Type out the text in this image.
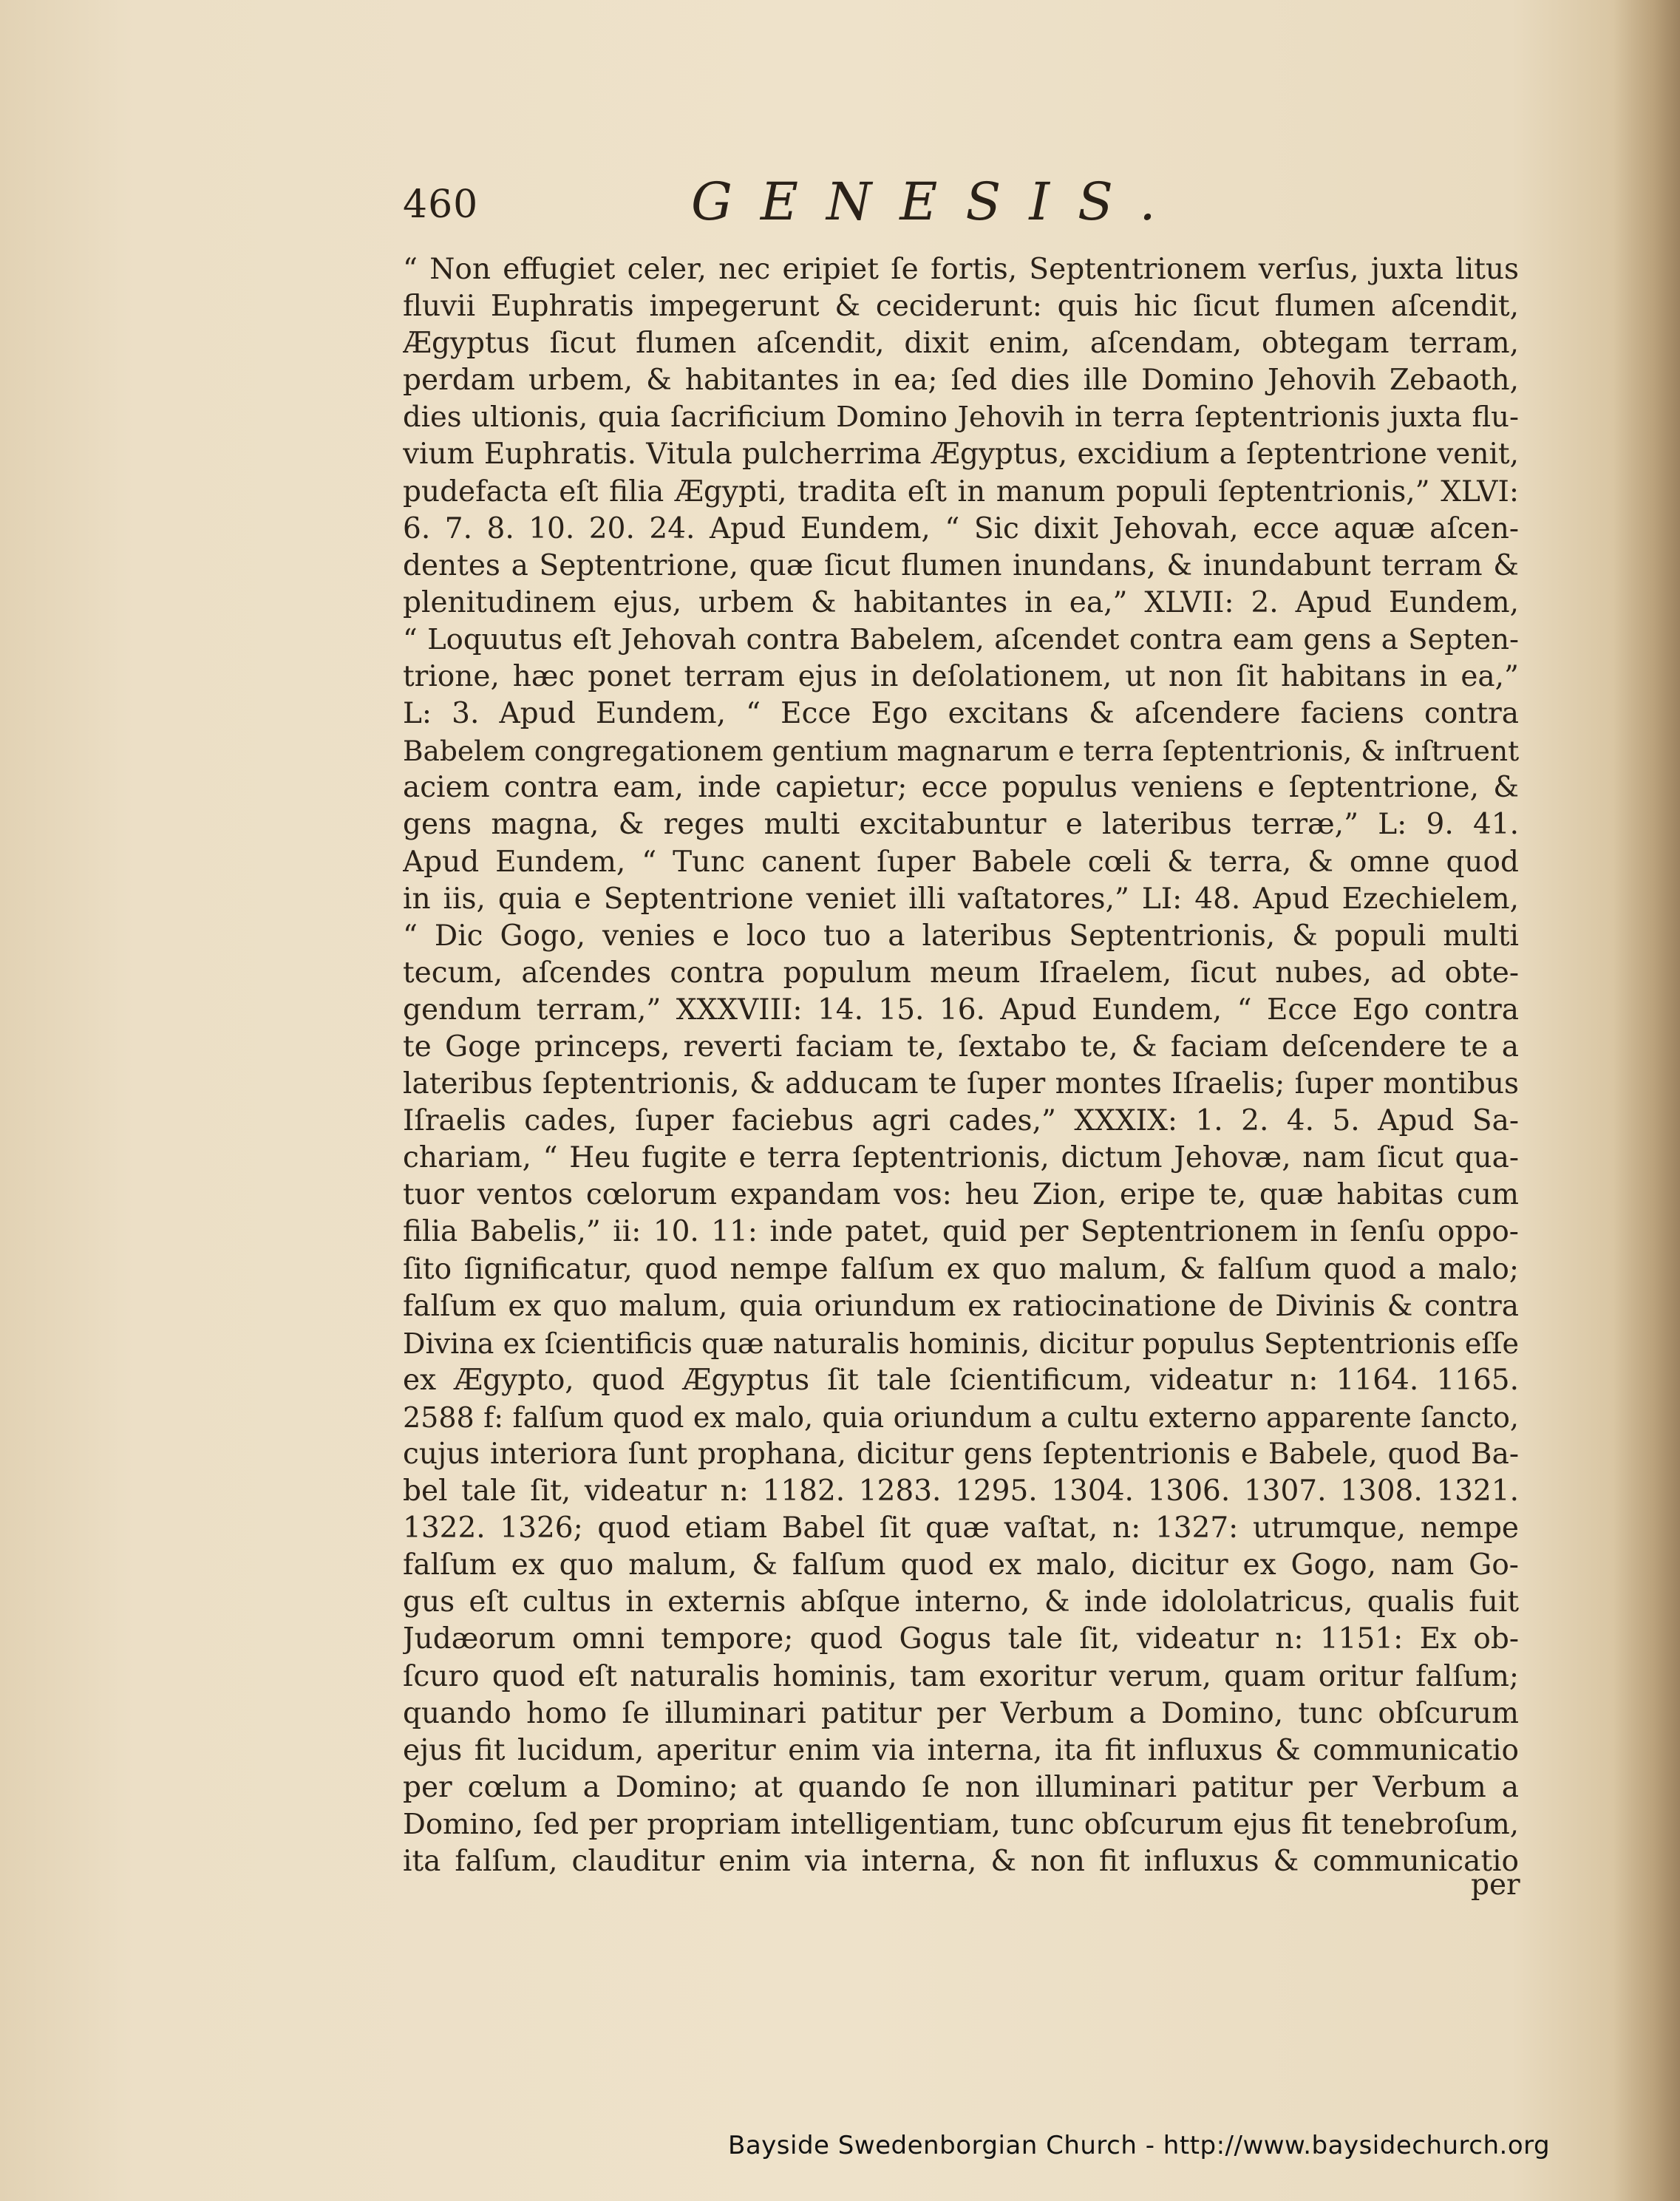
460	GENESIS.
“ Non effugiet celer, nec eripiet ſe fortis, Septentrionem verſus, juxta litus
fluvii Euphratis impegerunt & ceciderunt: quis hic ſicut flumen aſcendit,
Ægyptus ſicut flumen aſcendit, dixit enim, aſcendam, obtegam terram,
perdam urbem, & habitantes in ea; ſed dies ille Domino Jehovih Zebaoth,
dies ultionis, quia ſacrificium Domino Jehovih in terra ſeptentrionis juxta flu-
vium Euphratis. Vitula pulcherrima Ægyptus, excidium a ſeptentrione venit,
pudefacta eſt filia Ægypti, tradita eſt in manum populi ſeptentrionis,” XLVI:
6. 7. 8. 10. 20. 24. Apud Eundem, “ Sic dixit Jehovah, ecce aquæ aſcen-
dentes a Septentrione, quæ ſicut flumen inundans, & inundabunt terram &
plenitudinem ejus, urbem & habitantes in ea,” XLVII: 2. Apud Eundem,
“ Loquutus eſt Jehovah contra Babelem, aſcendet contra eam gens a Septen-
trione, hæc ponet terram ejus in deſolationem, ut non ſit habitans in ea,”
L: 3. Apud Eundem, “ Ecce Ego excitans & aſcendere faciens contra
Babelem congregationem gentium magnarum e terra ſeptentrionis, & inſtruent
aciem contra eam, inde capietur; ecce populus veniens e ſeptentrione, &
gens magna, & reges multi excitabuntur e lateribus terræ,” L: 9. 41.
Apud Eundem, “ Tunc canent ſuper Babele cœli & terra, & omne quod
in iis, quia e Septentrione veniet illi vaſtatores,” LI: 48. Apud Ezechielem,
“ Dic Gogo, venies e loco tuo a lateribus Septentrionis, & populi multi
tecum, aſcendes contra populum meum Iſraelem, ſicut nubes, ad obte-
gendum terram,” XXXVIII: 14. 15. 16. Apud Eundem, “ Ecce Ego contra
te Goge princeps, reverti faciam te, ſextabo te, & faciam deſcendere te a
lateribus ſeptentrionis, & adducam te ſuper montes Iſraelis; ſuper montibus
Iſraelis cades, ſuper faciebus agri cades,” XXXIX: 1. 2. 4. 5. Apud Sa-
chariam, “ Heu fugite e terra ſeptentrionis, dictum Jehovæ, nam ſicut qua-
tuor ventos cœlorum expandam vos: heu Zion, eripe te, quæ habitas cum
filia Babelis,” ii: 10. 11: inde patet, quid per Septentrionem in ſenſu oppo-
ſito ſignificatur, quod nempe falſum ex quo malum, & falſum quod a malo;
falſum ex quo malum, quia oriundum ex ratiocinatione de Divinis & contra
Divina ex ſcientificis quæ naturalis hominis, dicitur populus Septentrionis eſſe
ex Ægypto, quod Ægyptus ſit tale ſcientificum, videatur n: 1164. 1165.
2588 f: falſum quod ex malo, quia oriundum a cultu externo apparente ſancto,
cujus interiora ſunt prophana, dicitur gens ſeptentrionis e Babele, quod Ba-
bel tale ſit, videatur n: 1182. 1283. 1295. 1304. 1306. 1307. 1308. 1321.
1322. 1326; quod etiam Babel ſit quæ vaſtat, n: 1327: utrumque, nempe
falſum ex quo malum, & falſum quod ex malo, dicitur ex Gogo, nam Go-
gus eſt cultus in externis abſque interno, & inde idololatricus, qualis fuit
Judæorum omni tempore; quod Gogus tale ſit, videatur n: 1151: Ex ob-
ſcuro quod eſt naturalis hominis, tam exoritur verum, quam oritur falſum;
quando homo ſe illuminari patitur per Verbum a Domino, tunc obſcurum
ejus fit lucidum, aperitur enim via interna, ita fit influxus & communicatio
per cœlum a Domino; at quando ſe non illuminari patitur per Verbum a
Domino, ſed per propriam intelligentiam, tunc obſcurum ejus fit tenebroſum,
ita falſum, clauditur enim via interna, & non fit influxus & communicatio
per
Bayside Swedenborgian Church - http://www.baysidechurch.org
